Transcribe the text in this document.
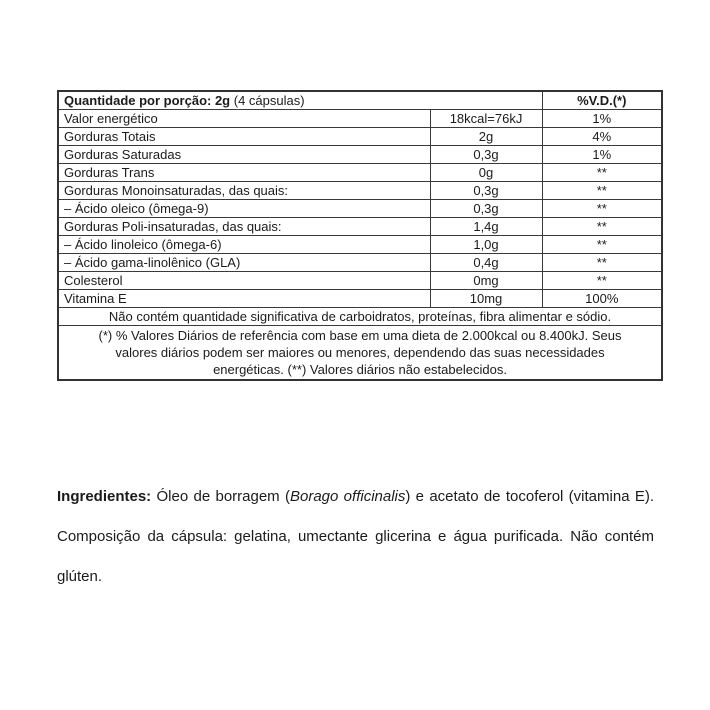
Quantidade por porção: 2g (4 cápsulas)		%V.D.(*)
Valor energético	18kcal=76kJ	1%
Gorduras Totais	2g	4%
Gorduras Saturadas	0,3g	1%
Gorduras Trans	0g	**
Gorduras Monoinsaturadas, das quais:	0,3g	**
– Ácido oleico (ômega-9)	0,3g	**
Gorduras Poli-insaturadas, das quais:	1,4g	**
– Ácido linoleico (ômega-6)	1,0g	**
– Ácido gama-linolênico (GLA)	0,4g	**
Colesterol	0mg	**
Vitamina E	10mg	100%
Não contém quantidade significativa de carboidratos, proteínas, fibra alimentar e sódio.		

(*) % Valores Diários de referência com base em uma dieta de 2.000kcal ou 8.400kJ. Seus
valores diários podem ser maiores ou menores, dependendo das suas necessidades
energéticas. (**) Valores diários não estabelecidos.		

Ingredientes: Óleo de borragem (Borago officinalis) e acetato de tocoferol (vitamina E). Composição da cápsula: gelatina, umectante glicerina e água purificada. Não contém glúten.
